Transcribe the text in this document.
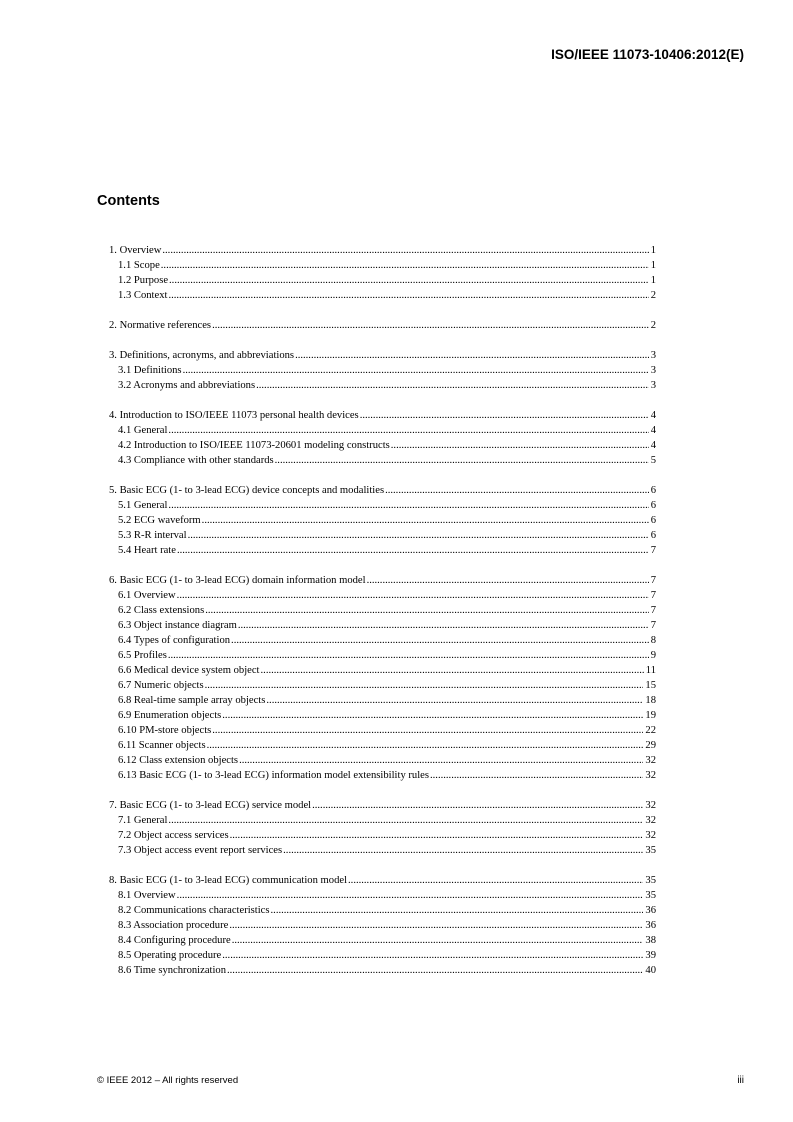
ISO/IEEE 11073-10406:2012(E)
Contents
1. Overview .....	1
1.1 Scope .....	1
1.2 Purpose .....	1
1.3 Context .....	2
2. Normative references .....	2
3. Definitions, acronyms, and abbreviations .....	3
3.1 Definitions .....	3
3.2 Acronyms and abbreviations .....	3
4. Introduction to ISO/IEEE 11073 personal health devices .....	4
4.1 General .....	4
4.2 Introduction to ISO/IEEE 11073-20601 modeling constructs .....	4
4.3 Compliance with other standards .....	5
5. Basic ECG (1- to 3-lead ECG) device concepts and modalities .....	6
5.1 General .....	6
5.2 ECG waveform .....	6
5.3 R-R interval .....	6
5.4 Heart rate .....	7
6. Basic ECG (1- to 3-lead ECG) domain information model .....	7
6.1 Overview .....	7
6.2 Class extensions .....	7
6.3 Object instance diagram .....	7
6.4 Types of configuration .....	8
6.5 Profiles .....	9
6.6 Medical device system object .....	11
6.7 Numeric objects .....	15
6.8 Real-time sample array objects .....	18
6.9 Enumeration objects .....	19
6.10 PM-store objects .....	22
6.11 Scanner objects .....	29
6.12 Class extension objects .....	32
6.13 Basic ECG (1- to 3-lead ECG) information model extensibility rules .....	32
7. Basic ECG (1- to 3-lead ECG) service model .....	32
7.1 General .....	32
7.2 Object access services .....	32
7.3 Object access event report services .....	35
8. Basic ECG (1- to 3-lead ECG) communication model .....	35
8.1 Overview .....	35
8.2 Communications characteristics .....	36
8.3 Association procedure .....	36
8.4 Configuring procedure .....	38
8.5 Operating procedure .....	39
8.6 Time synchronization .....	40
© IEEE 2012 – All rights reserved	iii
